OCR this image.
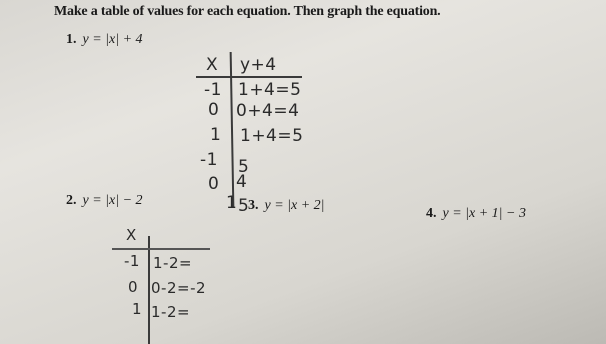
Make a table of values for each equation. Then graph the equation.
1. y = |x| + 4
2. y = |x| − 2	3. y = |x + 2|
4. y = |x + 1| − 3
X y+4
-1 1+4=5
0 0+4=4
1 1+4=5
-1 5
0 4
1 5
X
-1 1-2=
0 0-2=-2
1 1-2=
